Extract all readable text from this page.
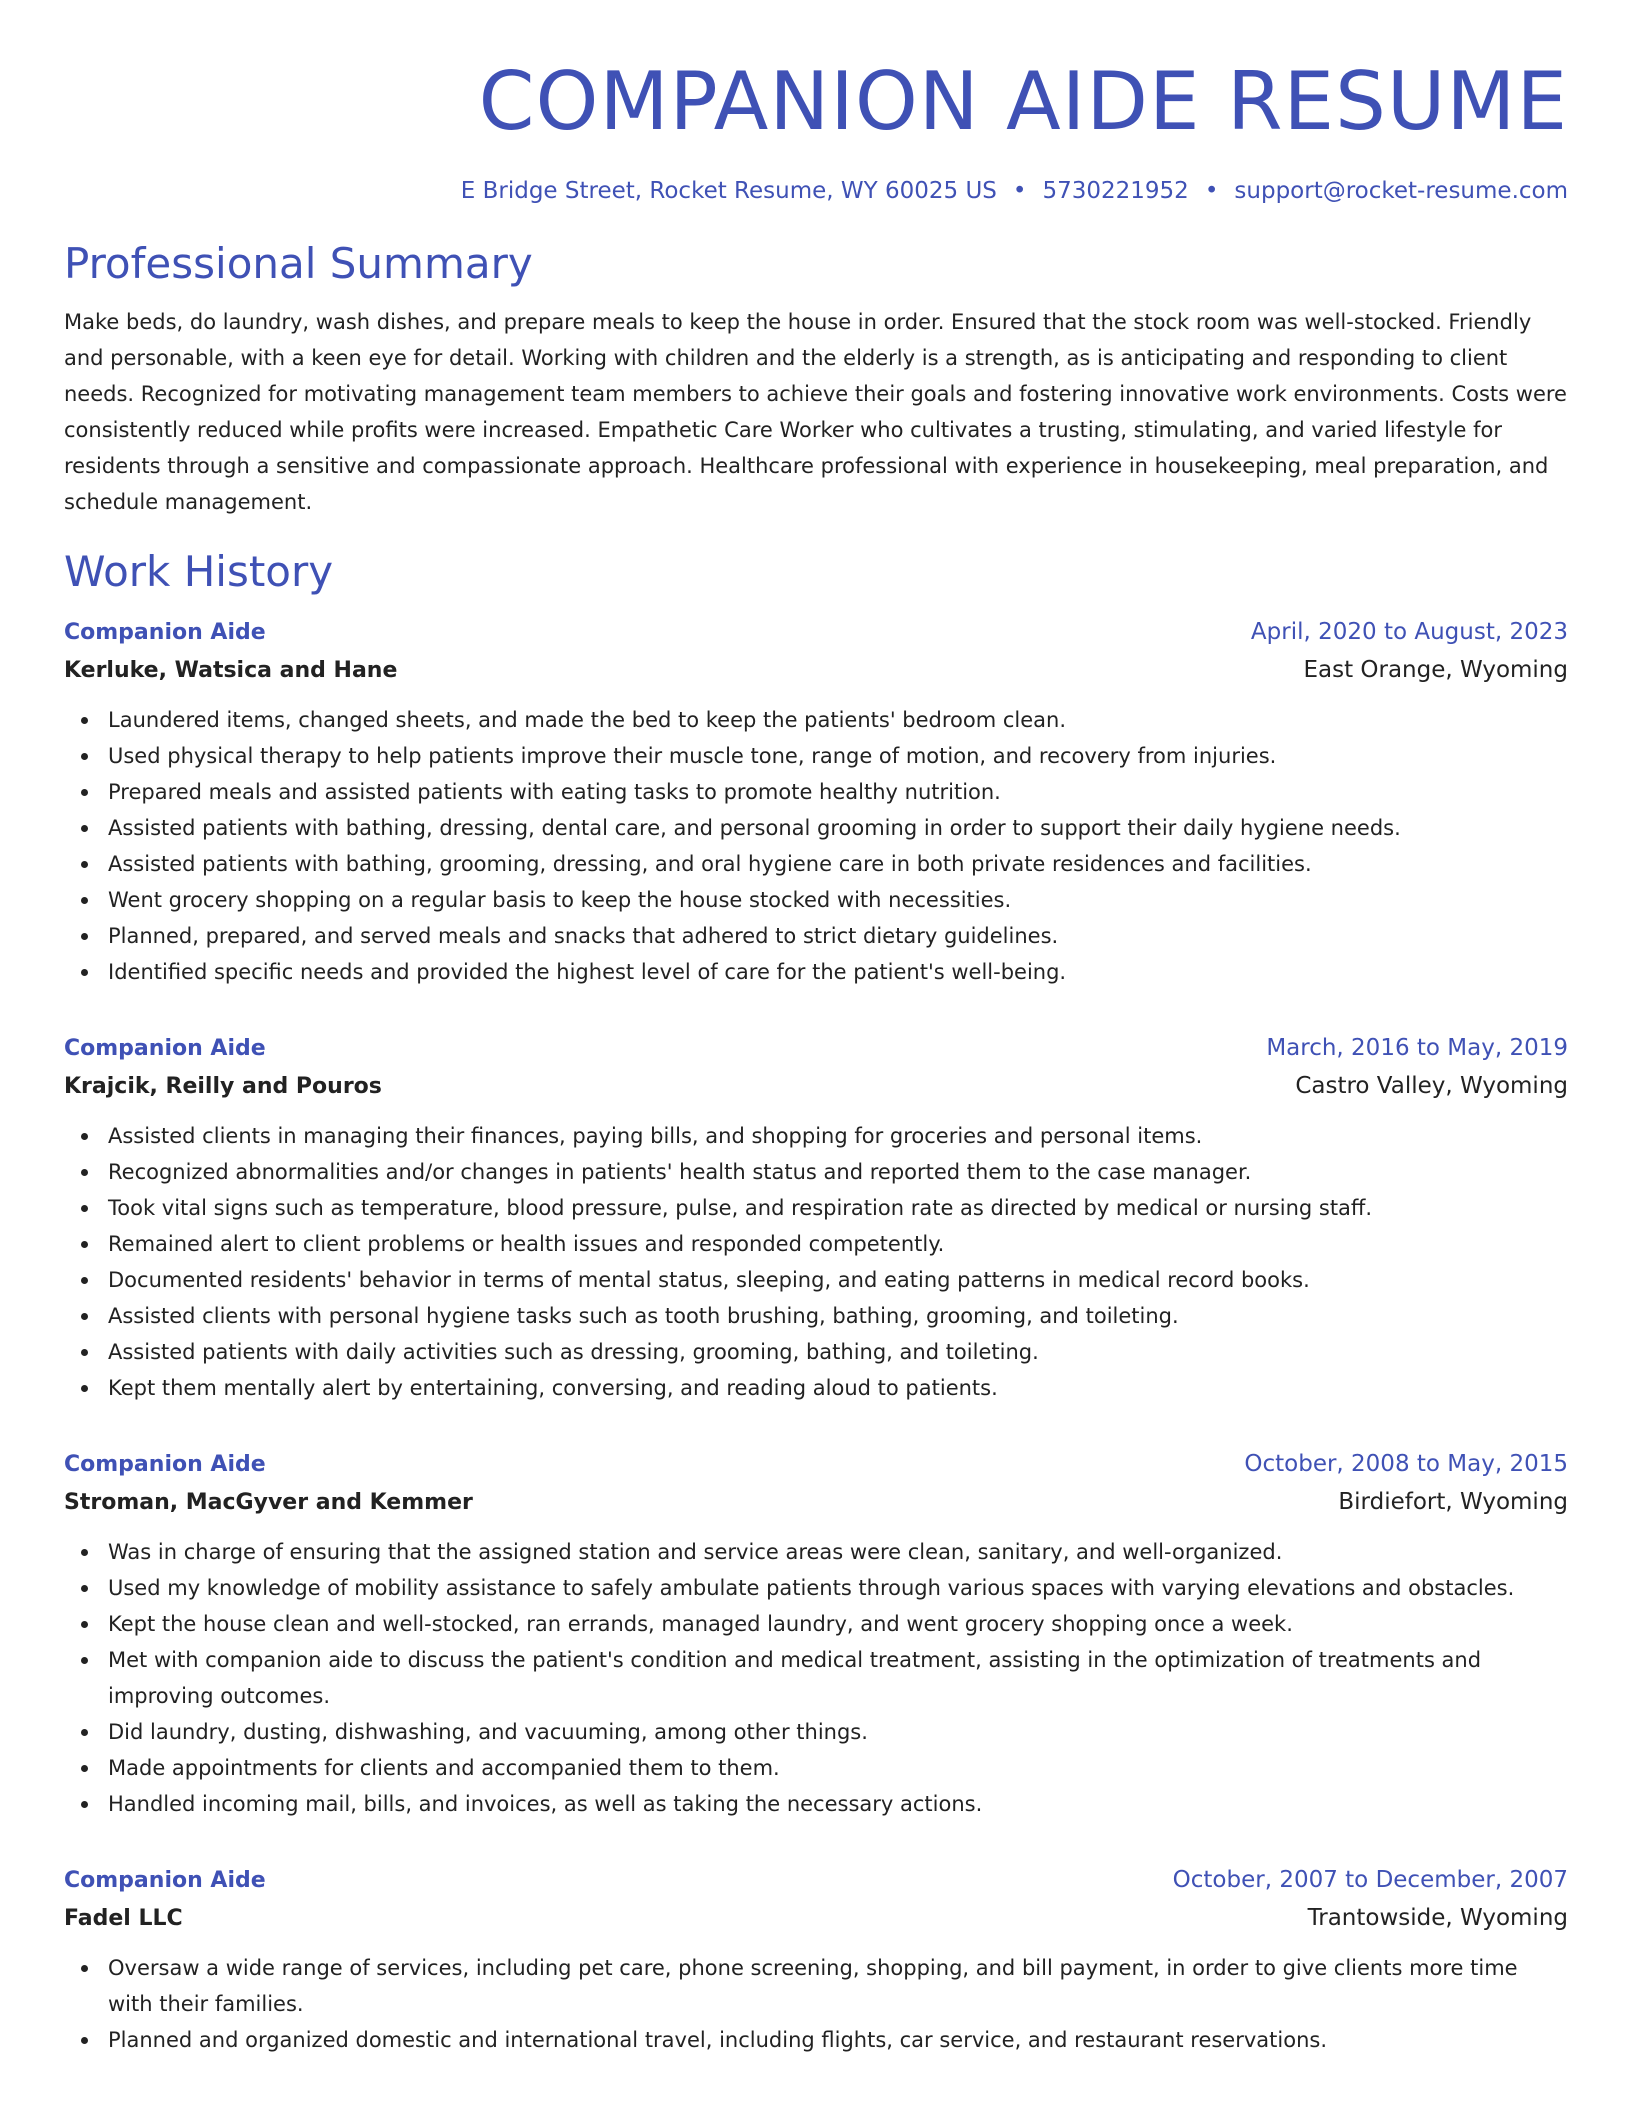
COMPANION AIDE RESUME
E Bridge Street, Rocket Resume, WY 60025 US • 5730221952 • support@rocket-resume.com
Professional Summary

Make beds, do laundry, wash dishes, and prepare meals to keep the house in order. Ensured that the stock room was well-stocked. Friendly and personable, with a keen eye for detail. Working with children and the elderly is a strength, as is anticipating and responding to client needs. Recognized for motivating management team members to achieve their goals and fostering innovative work environments. Costs were consistently reduced while profits were increased. Empathetic Care Worker who cultivates a trusting, stimulating, and varied lifestyle for residents through a sensitive and compassionate approach. Healthcare professional with experience in housekeeping, meal preparation, and schedule management.

Work History
Companion Aide	April, 2020 to August, 2023
Kerluke, Watsica and Hane	East Orange, Wyoming
Laundered items, changed sheets, and made the bed to keep the patients' bedroom clean.
Used physical therapy to help patients improve their muscle tone, range of motion, and recovery from injuries.
Prepared meals and assisted patients with eating tasks to promote healthy nutrition.
Assisted patients with bathing, dressing, dental care, and personal grooming in order to support their daily hygiene needs.
Assisted patients with bathing, grooming, dressing, and oral hygiene care in both private residences and facilities.
Went grocery shopping on a regular basis to keep the house stocked with necessities.
Planned, prepared, and served meals and snacks that adhered to strict dietary guidelines.
Identified specific needs and provided the highest level of care for the patient's well-being.
Companion Aide	March, 2016 to May, 2019
Krajcik, Reilly and Pouros	Castro Valley, Wyoming
Assisted clients in managing their finances, paying bills, and shopping for groceries and personal items.
Recognized abnormalities and/or changes in patients' health status and reported them to the case manager.
Took vital signs such as temperature, blood pressure, pulse, and respiration rate as directed by medical or nursing staff.
Remained alert to client problems or health issues and responded competently.
Documented residents' behavior in terms of mental status, sleeping, and eating patterns in medical record books.
Assisted clients with personal hygiene tasks such as tooth brushing, bathing, grooming, and toileting.
Assisted patients with daily activities such as dressing, grooming, bathing, and toileting.
Kept them mentally alert by entertaining, conversing, and reading aloud to patients.
Companion Aide	October, 2008 to May, 2015
Stroman, MacGyver and Kemmer	Birdiefort, Wyoming
Was in charge of ensuring that the assigned station and service areas were clean, sanitary, and well-organized.
Used my knowledge of mobility assistance to safely ambulate patients through various spaces with varying elevations and obstacles.
Kept the house clean and well-stocked, ran errands, managed laundry, and went grocery shopping once a week.
Met with companion aide to discuss the patient's condition and medical treatment, assisting in the optimization of treatments and improving outcomes.
Did laundry, dusting, dishwashing, and vacuuming, among other things.
Made appointments for clients and accompanied them to them.
Handled incoming mail, bills, and invoices, as well as taking the necessary actions.
Companion Aide	October, 2007 to December, 2007
Fadel LLC	Trantowside, Wyoming
Oversaw a wide range of services, including pet care, phone screening, shopping, and bill payment, in order to give clients more time with their families.
Planned and organized domestic and international travel, including flights, car service, and restaurant reservations.
